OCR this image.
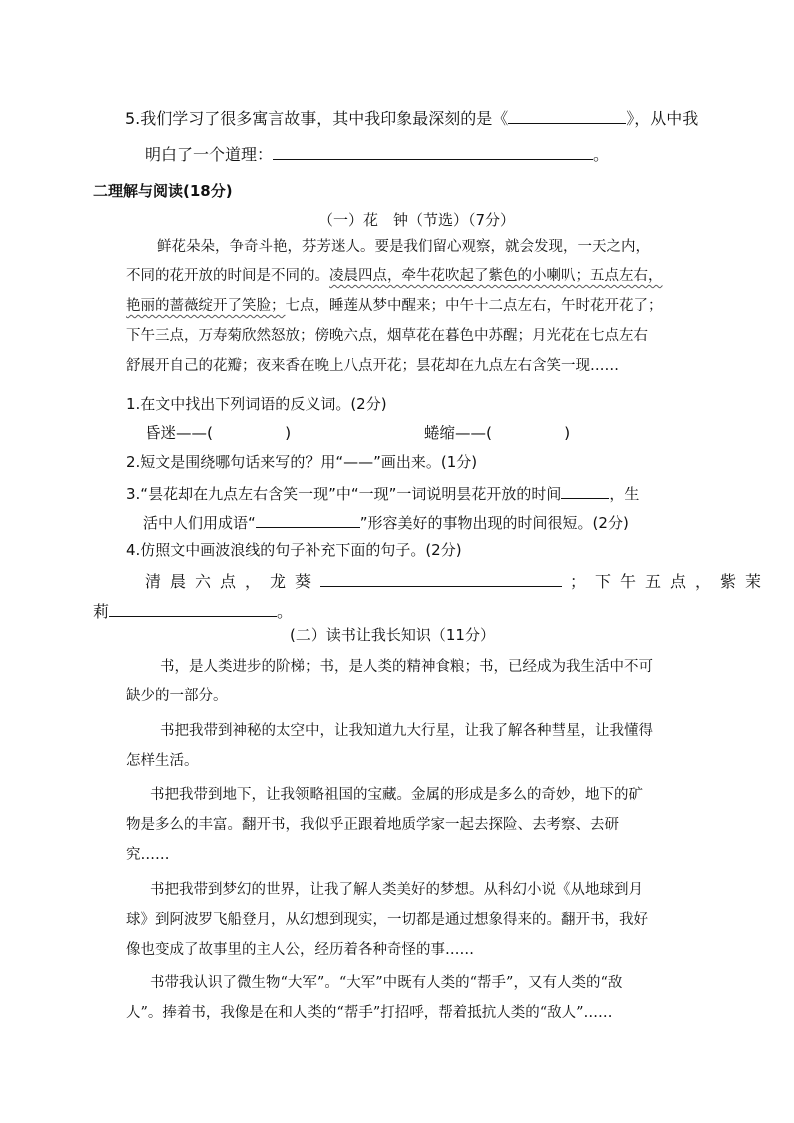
5.我们学习了很多寓言故事，其中我印象最深刻的是《	》，从中我
明白了一个道理：	。
二理解与阅读(18分)
（一）花　钟（节选）（7分）
鲜花朵朵，争奇斗艳，芬芳迷人。要是我们留心观察，就会发现，一天之内，
不同的花开放的时间是不同的。凌晨四点，牵牛花吹起了紫色的小喇叭；五点左右，
艳丽的蔷薇绽开了笑脸；七点，睡莲从梦中醒来；中午十二点左右，午时花开花了；
下午三点，万寿菊欣然怒放；傍晚六点，烟草花在暮色中苏醒；月光花在七点左右
舒展开自己的花瓣；夜来香在晚上八点开花；昙花却在九点左右含笑一现……
1.在文中找出下列词语的反义词。(2分)
昏迷——(	)	蜷缩——(	)
2.短文是围绕哪句话来写的？用“——”画出来。(1分)
3.“昙花却在九点左右含笑一现”中“一现”一词说明昙花开放的时间	，生
活中人们用成语“	”形容美好的事物出现的时间很短。(2分)
4.仿照文中画波浪线的句子补充下面的句子。(2分)
清晨六点，龙葵	；下午五点，紫茉
莉	。
(二）读书让我长知识（11分）
书，是人类进步的阶梯；书，是人类的精神食粮；书，已经成为我生活中不可
缺少的一部分。
书把我带到神秘的太空中，让我知道九大行星，让我了解各种彗星，让我懂得
怎样生活。
书把我带到地下，让我领略祖国的宝藏。金属的形成是多么的奇妙，地下的矿
物是多么的丰富。翻开书，我似乎正跟着地质学家一起去探险、去考察、去研
究……
书把我带到梦幻的世界，让我了解人类美好的梦想。从科幻小说《从地球到月
球》到阿波罗飞船登月，从幻想到现实，一切都是通过想象得来的。翻开书，我好
像也变成了故事里的主人公，经历着各种奇怪的事……
书带我认识了微生物“大军”。“大军”中既有人类的“帮手”，又有人类的“敌
人”。捧着书，我像是在和人类的“帮手”打招呼，帮着抵抗人类的“敌人”……
